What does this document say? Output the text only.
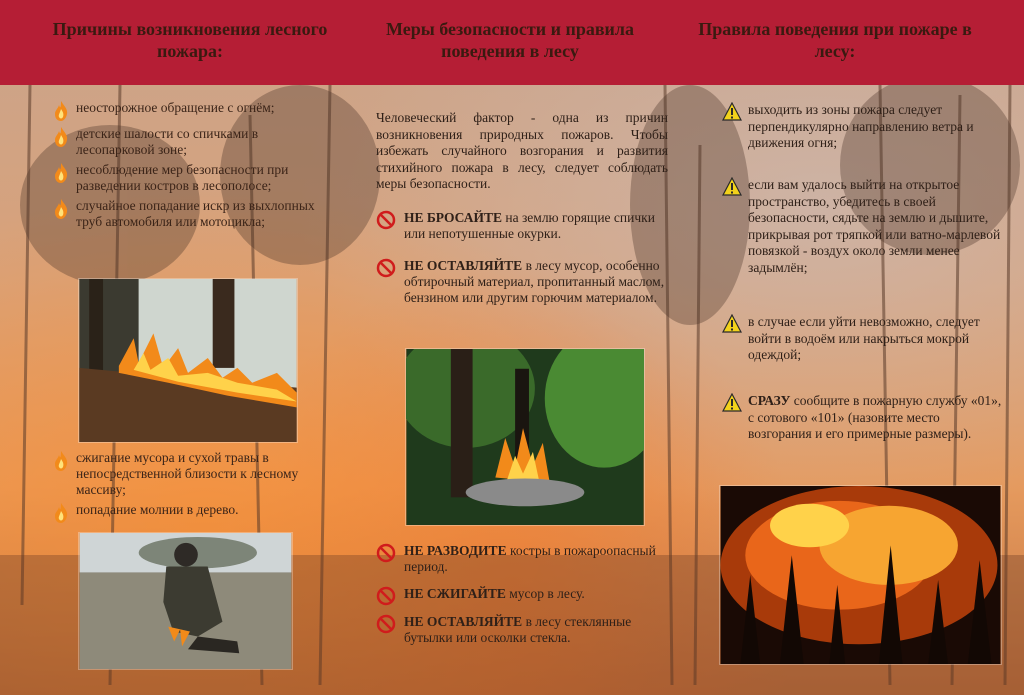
Причины возникновения лесного пожара:
Меры безопасности и правила поведения в лесу
Правила поведения при пожаре в лесу:
неосторожное обращение с огнём;
детские шалости со спичками в лесопарковой зоне;
несоблюдение мер безопасности при разведении костров в лесополосе;
случайное попадание искр из выхлопных труб автомобиля или мотоцикла;
сжигание мусора и сухой травы в непосредственной близости к лесному массиву;
попадание молнии в дерево.
Человеческий фактор - одна из причин возникновения природных пожаров. Чтобы избежать случайного возгорания и развития стихийного пожара в лесу, следует соблюдать меры безопасности.
НЕ БРОСАЙТЕ на землю горящие спички или непотушенные окурки.
НЕ ОСТАВЛЯЙТЕ в лесу мусор, особенно обтирочный материал, пропитанный маслом, бензином или другим горючим материалом.
НЕ РАЗВОДИТЕ костры в пожароопасный период.
НЕ СЖИГАЙТЕ мусор в лесу.
НЕ ОСТАВЛЯЙТЕ в лесу стеклянные бутылки или осколки стекла.
выходить из зоны пожара следует перпендикулярно направлению ветра и движения огня;
если вам удалось выйти на открытое пространство, убедитесь в своей безопасности, сядьте на землю и дышите, прикрывая рот тряпкой или ватно-марлевой повязкой - воздух около земли менее задымлён;
в случае если уйти невозможно, следует войти в водоём или накрыться мокрой одеждой;
СРАЗУ сообщите в пожарную службу «01», с сотового «101» (назовите место возгорания и его примерные размеры).
